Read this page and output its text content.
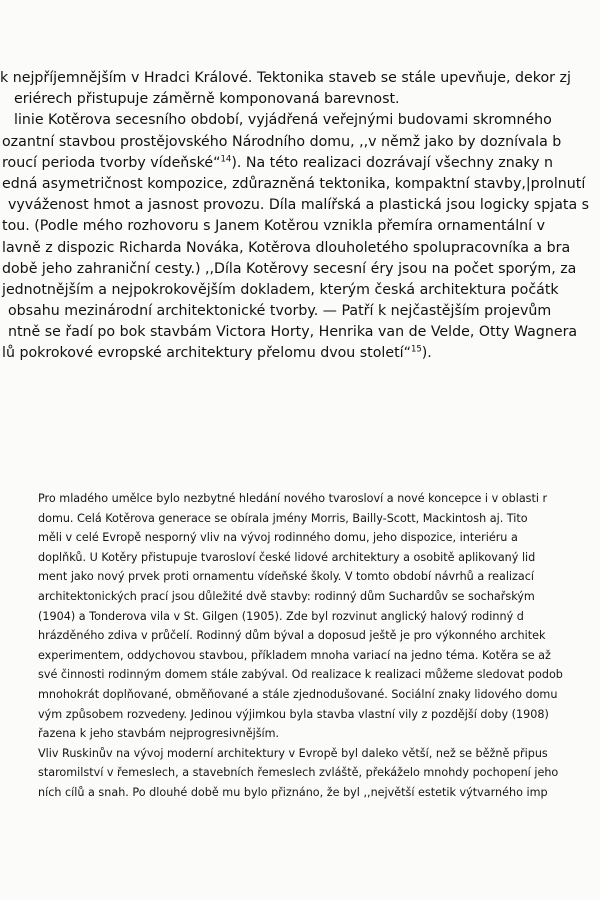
k nejpříjemnějším v Hradci Králové. Tektonika staveb se stále upevňuje, dekor zj
eriérech přistupuje záměrně komponovaná barevnost.
linie Kotěrova secesního období, vyjádřená veřejnými budovami skromného
ozantní stavbou prostějovského Národního domu, ,,v němž jako by doznívala b
roucí perioda tvorby vídeňské“$^{14}$). Na této realizaci dozrávají všechny znaky n
edná asymetričnost kompozice, zdůrazněná tektonika, kompaktní stavby,|prolnutí
vyváženost hmot a jasnost provozu. Díla malířská a plastická jsou logicky spjata s
tou. (Podle mého rozhovoru s Janem Kotěrou vznikla přemíra ornamentální v
lavně z dispozic Richarda Nováka, Kotěrova dlouholetého spolupracovníka a bra
době jeho zahraniční cesty.) ,,Díla Kotěrovy secesní éry jsou na počet sporým, za
jednotnějším a nejpokrokovějším dokladem, kterým česká architektura počátk
obsahu mezinárodní architektonické tvorby. — Patří k nejčastějším projevům
ntně se řadí po bok stavbám Victora Horty, Henrika van de Velde, Otty Wagnera
lů pokrokové evropské architektury přelomu dvou století“$^{15}$).
Pro mladého umělce bylo nezbytné hledání nového tvarosloví a nové koncepce i v oblasti r
domu. Celá Kotěrova generace se obírala jmény Morris, Bailly-Scott, Mackintosh aj. Tito
měli v celé Evropě nesporný vliv na vývoj rodinného domu, jeho dispozice, interiéru a
doplňků. U Kotěry přistupuje tvarosloví české lidové architektury a osobitě aplikovaný lid
ment jako nový prvek proti ornamentu vídeňské školy. V tomto období návrhů a realizací
architektonických prací jsou důležité dvě stavby: rodinný dům Suchardův se sochařským
(1904) a Tonderova vila v St. Gilgen (1905). Zde byl rozvinut anglický halový rodinný d
hrázděného zdiva v průčelí. Rodinný dům býval a doposud ještě je pro výkonného architek
experimentem, oddychovou stavbou, příkladem mnoha variací na jedno téma. Kotěra se až
své činnosti rodinným domem stále zabýval. Od realizace k realizaci můžeme sledovat podob
mnohokrát doplňované, obměňované a stále zjednodušované. Sociální znaky lidového domu
vým způsobem rozvedeny. Jedinou výjimkou byla stavba vlastní vily z pozdější doby (1908)
řazena k jeho stavbám nejprogresivnějším.
Vliv Ruskinův na vývoj moderní architektury v Evropě byl daleko větší, než se běžně připus
staromilství v řemeslech, a stavebních řemeslech zvláště, překáželo mnohdy pochopení jeho
ních cílů a snah. Po dlouhé době mu bylo přiznáno, že byl ,,největší estetik výtvarného imp
